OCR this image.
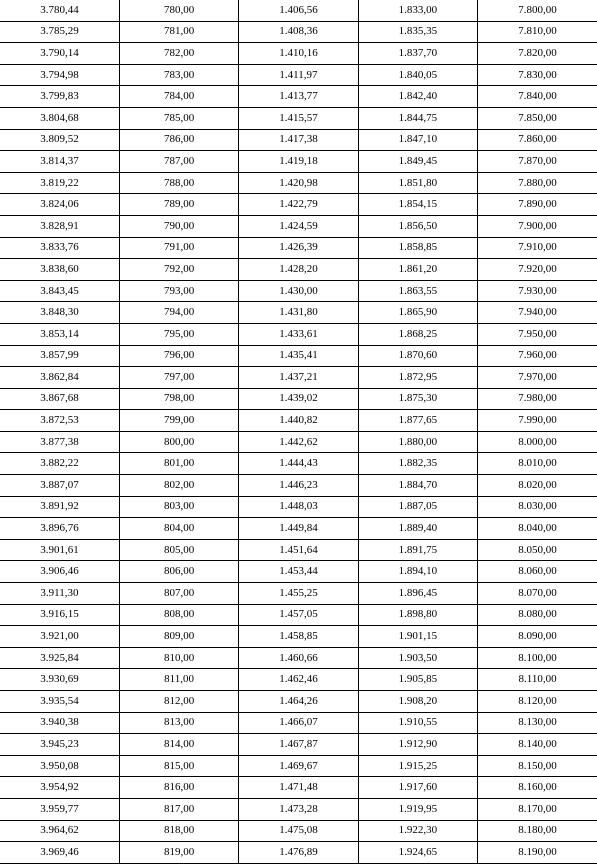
3.780,44	780,00	1.406,56	1.833,00	7.800,00
3.785,29	781,00	1.408,36	1.835,35	7.810,00
3.790,14	782,00	1.410,16	1.837,70	7.820,00
3.794,98	783,00	1.411,97	1.840,05	7.830,00
3.799,83	784,00	1.413,77	1.842,40	7.840,00
3.804,68	785,00	1.415,57	1.844,75	7.850,00
3.809,52	786,00	1.417,38	1.847,10	7.860,00
3.814,37	787,00	1.419,18	1.849,45	7.870,00
3.819,22	788,00	1.420,98	1.851,80	7.880,00
3.824,06	789,00	1.422,79	1.854,15	7.890,00
3.828,91	790,00	1.424,59	1.856,50	7.900,00
3.833,76	791,00	1.426,39	1.858,85	7.910,00
3.838,60	792,00	1.428,20	1.861,20	7.920,00
3.843,45	793,00	1.430,00	1.863,55	7.930,00
3.848,30	794,00	1.431,80	1.865,90	7.940,00
3.853,14	795,00	1.433,61	1.868,25	7.950,00
3.857,99	796,00	1.435,41	1.870,60	7.960,00
3.862,84	797,00	1.437,21	1.872,95	7.970,00
3.867,68	798,00	1.439,02	1.875,30	7.980,00
3.872,53	799,00	1.440,82	1.877,65	7.990,00
3.877,38	800,00	1.442,62	1.880,00	8.000,00
3.882,22	801,00	1.444,43	1.882,35	8.010,00
3.887,07	802,00	1.446,23	1.884,70	8.020,00
3.891,92	803,00	1.448,03	1.887,05	8.030,00
3.896,76	804,00	1.449,84	1.889,40	8.040,00
3.901,61	805,00	1.451,64	1.891,75	8.050,00
3.906,46	806,00	1.453,44	1.894,10	8.060,00
3.911,30	807,00	1.455,25	1.896,45	8.070,00
3.916,15	808,00	1.457,05	1.898,80	8.080,00
3.921,00	809,00	1.458,85	1.901,15	8.090,00
3.925,84	810,00	1.460,66	1.903,50	8.100,00
3.930,69	811,00	1.462,46	1.905,85	8.110,00
3.935,54	812,00	1.464,26	1.908,20	8.120,00
3.940,38	813,00	1.466,07	1.910,55	8.130,00
3.945,23	814,00	1.467,87	1.912,90	8.140,00
3.950,08	815,00	1.469,67	1.915,25	8.150,00
3.954,92	816,00	1.471,48	1.917,60	8.160,00
3.959,77	817,00	1.473,28	1.919,95	8.170,00
3.964,62	818,00	1.475,08	1.922,30	8.180,00
3.969,46	819,00	1.476,89	1.924,65	8.190,00
